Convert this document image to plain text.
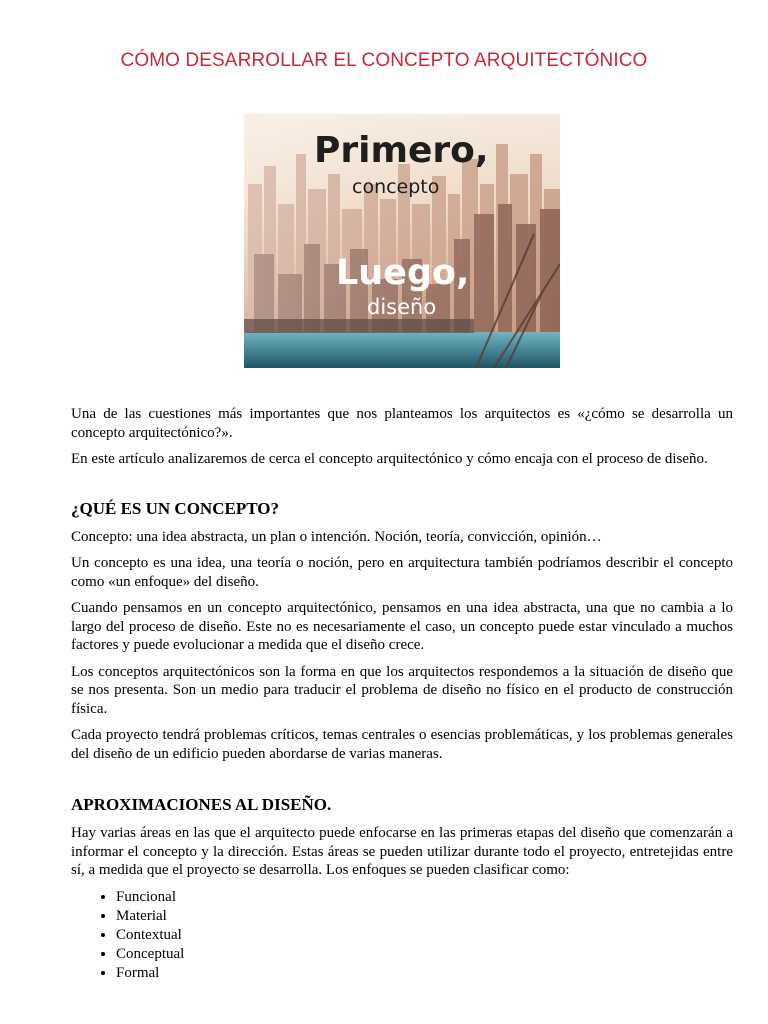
CÓMO DESARROLLAR EL CONCEPTO ARQUITECTÓNICO
Primero,
concepto
Luego,
diseño

Una de las cuestiones más importantes que nos planteamos los arquitectos es «¿cómo se desarrolla un concepto arquitectónico?».

En este artículo analizaremos de cerca el concepto arquitectónico y cómo encaja con el proceso de diseño.

¿QUÉ ES UN CONCEPTO?

Concepto: una idea abstracta, un plan o intención. Noción, teoría, convicción, opinión…

Un concepto es una idea, una teoría o noción, pero en arquitectura también podríamos describir el concepto como «un enfoque» del diseño.

Cuando pensamos en un concepto arquitectónico, pensamos en una idea abstracta, una que no cambia a lo largo del proceso de diseño. Este no es necesariamente el caso, un concepto puede estar vinculado a muchos factores y puede evolucionar a medida que el diseño crece.

Los conceptos arquitectónicos son la forma en que los arquitectos respondemos a la situación de diseño que se nos presenta. Son un medio para traducir el problema de diseño no físico en el producto de construcción física.

Cada proyecto tendrá problemas críticos, temas centrales o esencias problemáticas, y los problemas generales del diseño de un edificio pueden abordarse de varias maneras.

APROXIMACIONES AL DISEÑO.

Hay varias áreas en las que el arquitecto puede enfocarse en las primeras etapas del diseño que comenzarán a informar el concepto y la dirección. Estas áreas se pueden utilizar durante todo el proyecto, entretejidas entre sí, a medida que el proyecto se desarrolla. Los enfoques se pueden clasificar como:

• Funcional
• Material
• Contextual
• Conceptual
• Formal
